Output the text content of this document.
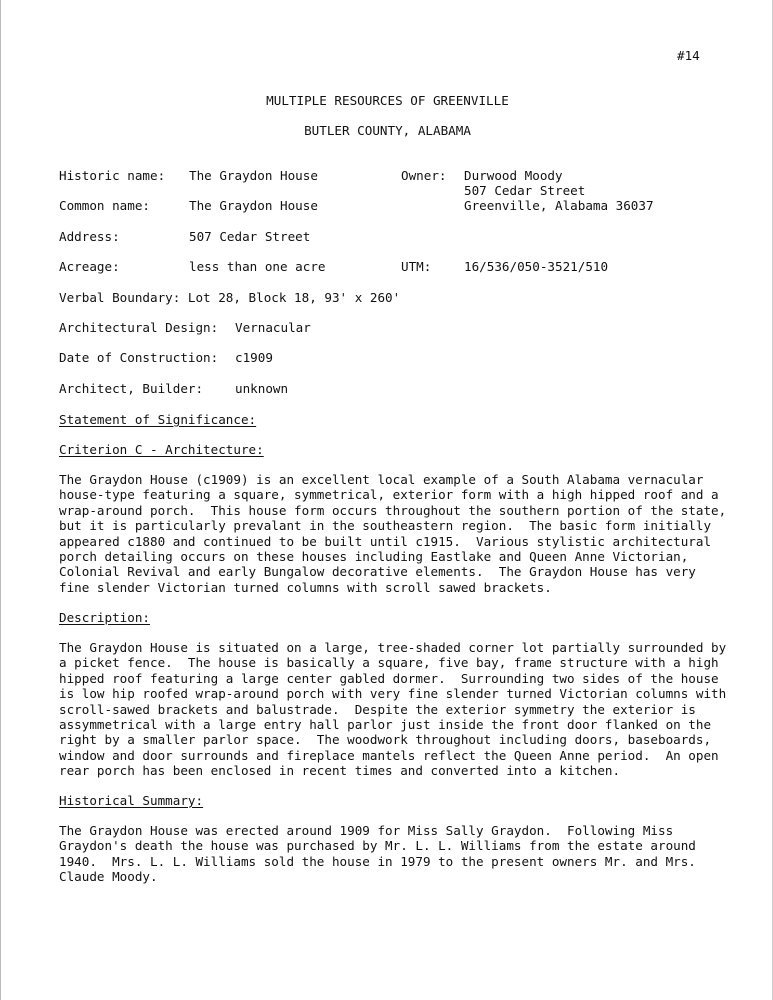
#14
MULTIPLE RESOURCES OF GREENVILLE
BUTLER COUNTY, ALABAMA
Historic name: The Graydon House	Owner: Durwood Moody
507 Cedar Street
Greenville, Alabama 36037
Common name:	The Graydon House
Address:	507 Cedar Street
Acreage:	less than one acre	UTM:	16/536/050-3521/510
Verbal Boundary: Lot 28, Block 18, 93' x 260'
Architectural Design: Vernacular
Date of Construction: c1909
Architect, Builder:	unknown
Statement of Significance:
Criterion C - Architecture:
The Graydon House (c1909) is an excellent local example of a South Alabama vernacular
house-type featuring a square, symmetrical, exterior form with a high hipped roof and a
wrap-around porch.  This house form occurs throughout the southern portion of the state,
but it is particularly prevalant in the southeastern region.  The basic form initially
appeared c1880 and continued to be built until c1915.  Various stylistic architectural
porch detailing occurs on these houses including Eastlake and Queen Anne Victorian,
Colonial Revival and early Bungalow decorative elements.  The Graydon House has very
fine slender Victorian turned columns with scroll sawed brackets.
Description:
The Graydon House is situated on a large, tree-shaded corner lot partially surrounded by
a picket fence.  The house is basically a square, five bay, frame structure with a high
hipped roof featuring a large center gabled dormer.  Surrounding two sides of the house
is low hip roofed wrap-around porch with very fine slender turned Victorian columns with
scroll-sawed brackets and balustrade.  Despite the exterior symmetry the exterior is
assymmetrical with a large entry hall parlor just inside the front door flanked on the
right by a smaller parlor space.  The woodwork throughout including doors, baseboards,
window and door surrounds and fireplace mantels reflect the Queen Anne period.  An open
rear porch has been enclosed in recent times and converted into a kitchen.
Historical Summary:
The Graydon House was erected around 1909 for Miss Sally Graydon.  Following Miss
Graydon's death the house was purchased by Mr. L. L. Williams from the estate around
1940.  Mrs. L. L. Williams sold the house in 1979 to the present owners Mr. and Mrs.
Claude Moody.
